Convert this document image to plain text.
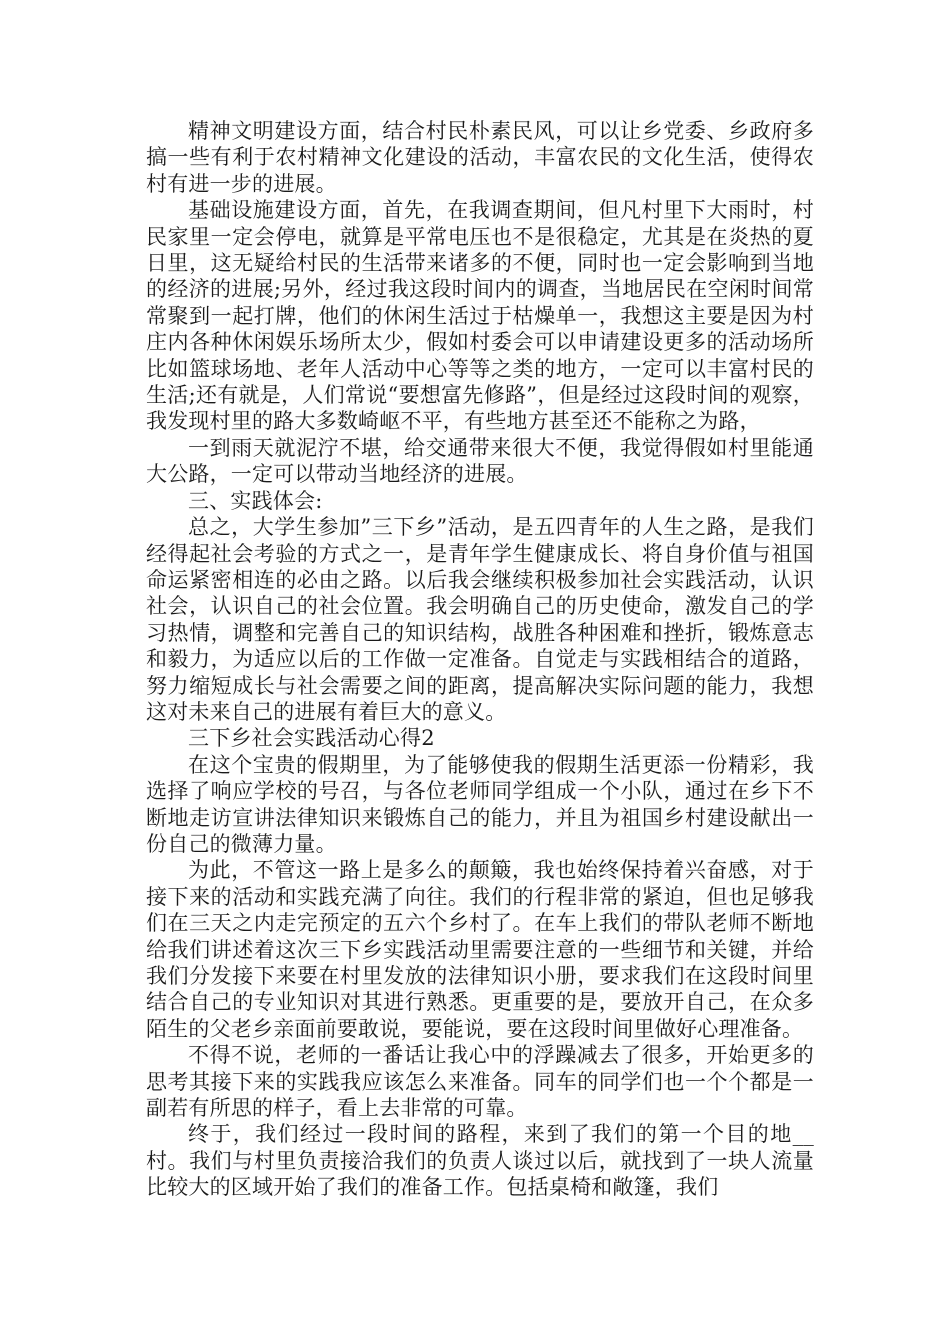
精神文明建设方面，结合村民朴素民风，可以让乡党委、乡政府多搞一些有利于农村精神文化建设的活动，丰富农民的文化生活，使得农村有进一步的进展。

基础设施建设方面，首先，在我调查期间，但凡村里下大雨时，村民家里一定会停电，就算是平常电压也不是很稳定，尤其是在炎热的夏日里，这无疑给村民的生活带来诸多的不便，同时也一定会影响到当地的经济的进展;另外，经过我这段时间内的调查，当地居民在空闲时间常常聚到一起打牌，他们的休闲生活过于枯燥单一，我想这主要是因为村庄内各种休闲娱乐场所太少，假如村委会可以申请建设更多的活动场所比如篮球场地、老年人活动中心等等之类的地方，一定可以丰富村民的生活;还有就是，人们常说“要想富先修路”，但是经过这段时间的观察，我发现村里的路大多数崎岖不平，有些地方甚至还不能称之为路，

一到雨天就泥泞不堪，给交通带来很大不便，我觉得假如村里能通大公路，一定可以带动当地经济的进展。

三、实践体会:

总之，大学生参加”三下乡”活动，是五四青年的人生之路，是我们经得起社会考验的方式之一，是青年学生健康成长、将自身价值与祖国命运紧密相连的必由之路。以后我会继续积极参加社会实践活动，认识社会，认识自己的社会位置。我会明确自己的历史使命，激发自己的学习热情，调整和完善自己的知识结构，战胜各种困难和挫折，锻炼意志和毅力，为适应以后的工作做一定准备。自觉走与实践相结合的道路，努力缩短成长与社会需要之间的距离，提高解决实际问题的能力，我想这对未来自己的进展有着巨大的意义。

三下乡社会实践活动心得2

在这个宝贵的假期里，为了能够使我的假期生活更添一份精彩，我选择了响应学校的号召，与各位老师同学组成一个小队，通过在乡下不断地走访宣讲法律知识来锻炼自己的能力，并且为祖国乡村建设献出一份自己的微薄力量。

为此，不管这一路上是多么的颠簸，我也始终保持着兴奋感，对于接下来的活动和实践充满了向往。我们的行程非常的紧迫，但也足够我们在三天之内走完预定的五六个乡村了。在车上我们的带队老师不断地给我们讲述着这次三下乡实践活动里需要注意的一些细节和关键，并给我们分发接下来要在村里发放的法律知识小册，要求我们在这段时间里结合自己的专业知识对其进行熟悉。更重要的是，要放开自己，在众多陌生的父老乡亲面前要敢说，要能说，要在这段时间里做好心理准备。

不得不说，老师的一番话让我心中的浮躁减去了很多，开始更多的思考其接下来的实践我应该怎么来准备。同车的同学们也一个个都是一副若有所思的样子，看上去非常的可靠。

终于，我们经过一段时间的路程，来到了我们的第一个目的地__村。我们与村里负责接洽我们的负责人谈过以后，就找到了一块人流量比较大的区域开始了我们的准备工作。包括桌椅和敞篷，我们
